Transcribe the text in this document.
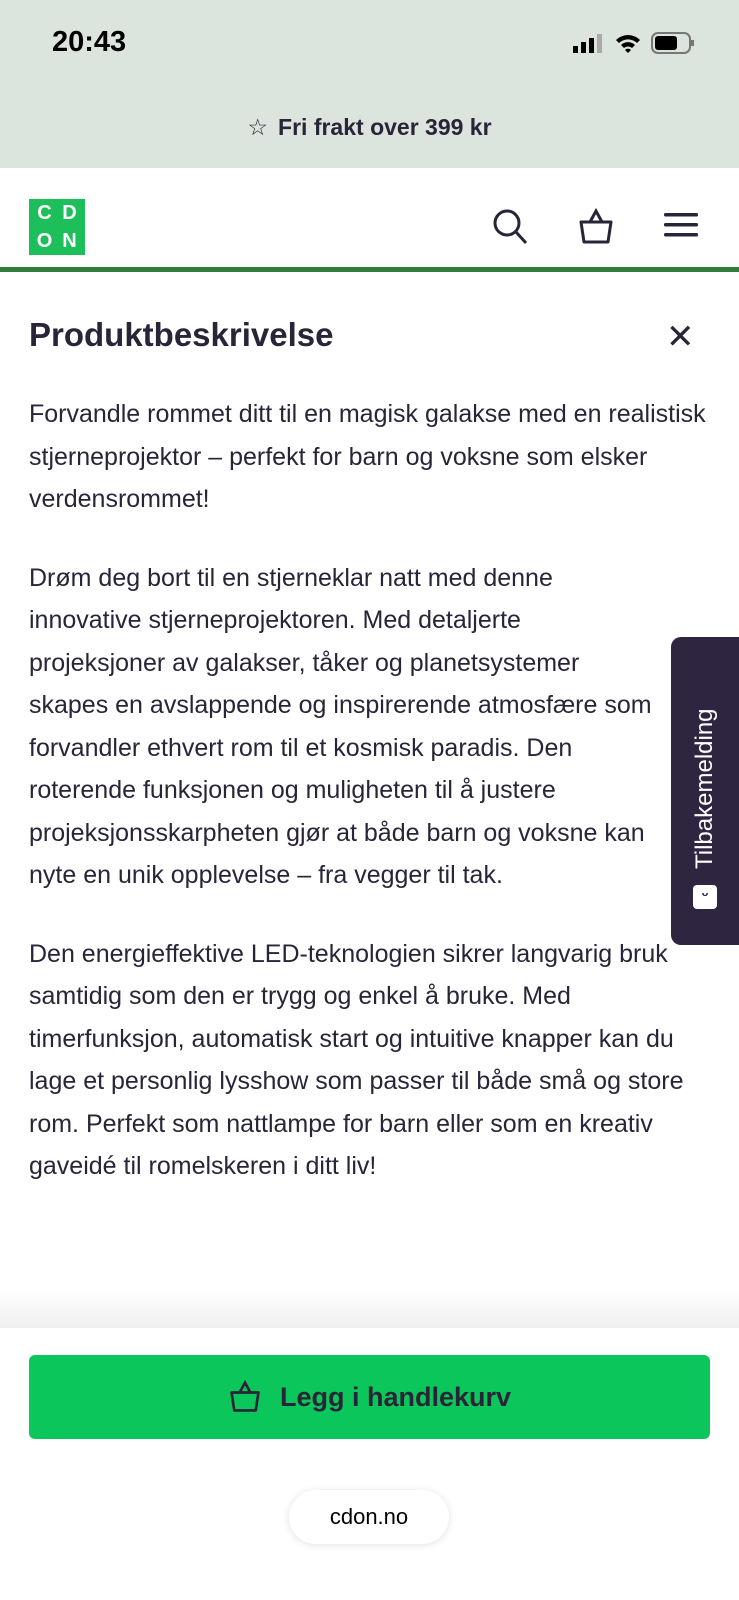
20:43
☆ Fri frakt over 399 kr
C D
O N
Produktbeskrivelse	✕

Forvandle rommet ditt til en magisk galakse med en realistisk stjerneprojektor – perfekt for barn og voksne som elsker verdensrommet!

Drøm deg bort til en stjerneklar natt med denne innovative stjerneprojektoren. Med detaljerte projeksjoner av galakser, tåker og planetsystemer skapes en avslappende og inspirerende atmosfære som forvandler ethvert rom til et kosmisk paradis. Den roterende funksjonen og muligheten til å justere projeksjonsskarpheten gjør at både barn og voksne kan nyte en unik opplevelse – fra vegger til tak.

Den energieffektive LED-teknologien sikrer langvarig bruk samtidig som den er trygg og enkel å bruke. Med timerfunksjon, automatisk start og intuitive knapper kan du lage et personlig lysshow som passer til både små og store rom. Perfekt som nattlampe for barn eller som en kreativ gaveidé til romelskeren i ditt liv!

Tilbakemelding
ᵕ
Legg i handlekurv
cdon.no
